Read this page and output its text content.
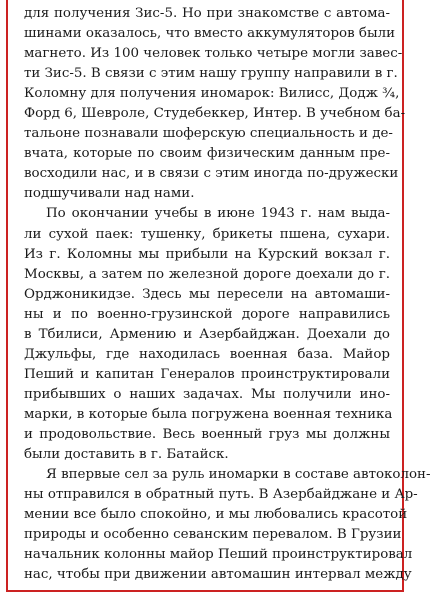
для получения Зис-5. Но при знакомстве с автома-
шинами оказалось, что вместо аккумуляторов были
магнето. Из 100 человек только четыре могли завес-
ти Зис-5. В связи с этим нашу группу направили в г.
Коломну для получения иномарок: Вилисс, Додж ¾,
Форд 6, Шевроле, Студебеккер, Интер. В учебном ба-
тальоне познавали шоферскую специальность и де-
вчата, которые по своим физическим данным пре-
восходили нас, и в связи с этим иногда по-дружески
подшучивали над нами.
По окончании учебы в июне 1943 г. нам выда-
ли сухой паек: тушенку, брикеты пшена, сухари.
Из г. Коломны мы прибыли на Курский вокзал г.
Москвы, а затем по железной дороге доехали до г.
Орджоникидзе. Здесь мы пересели на автомаши-
ны и по военно-грузинской дороге направились
в Тбилиси, Армению и Азербайджан. Доехали до
Джульфы, где находилась военная база. Майор
Пеший и капитан Генералов проинструктировали
прибывших о наших задачах. Мы получили ино-
марки, в которые была погружена военная техника
и продовольствие. Весь военный груз мы должны
были доставить в г. Батайск.
Я впервые сел за руль иномарки в составе автоколон-
ны отправился в обратный путь. В Азербайджане и Ар-
мении все было спокойно, и мы любовались красотой
природы и особенно севанским перевалом. В Грузии
начальник колонны майор Пеший проинструктировал
нас, чтобы при движении автомашин интервал между
